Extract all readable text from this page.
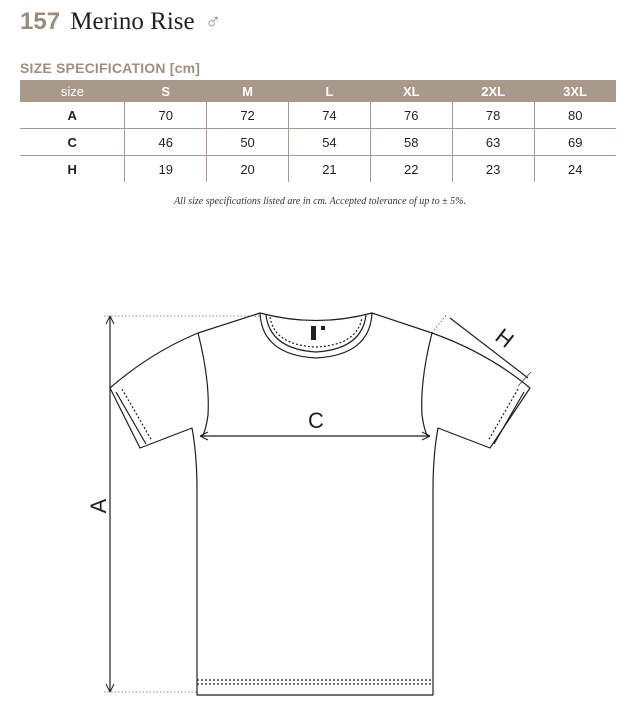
157 Merino Rise ♂
SIZE SPECIFICATION [cm]
size	S	M	L	XL	2XL	3XL
A	70	72	74	76	78	80
C	46	50	54	58	63	69
H	19	20	21	22	23	24
All size specifications listed are in cm. Accepted tolerance of up to ± 5%.
C
A
H
